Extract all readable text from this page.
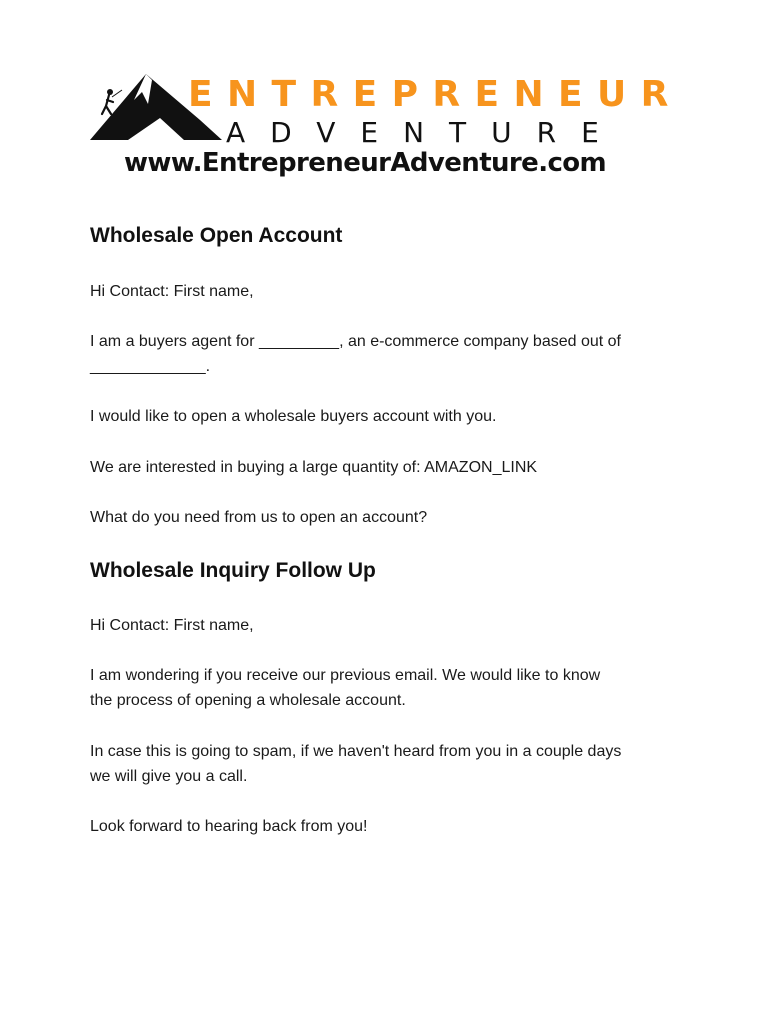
ENTREPRENEUR
ADVENTURE
www.EntrepreneurAdventure.com
Wholesale Open Account

Hi Contact: First name,

I am a buyers agent for _________, an e-commerce company based out of

_____________.

I would like to open a wholesale buyers account with you.

We are interested in buying a large quantity of: AMAZON_LINK

What do you need from us to open an account?

Wholesale Inquiry Follow Up

Hi Contact: First name,

I am wondering if you receive our previous email. We would like to know

the process of opening a wholesale account.

In case this is going to spam, if we haven't heard from you in a couple days

we will give you a call.

Look forward to hearing back from you!
